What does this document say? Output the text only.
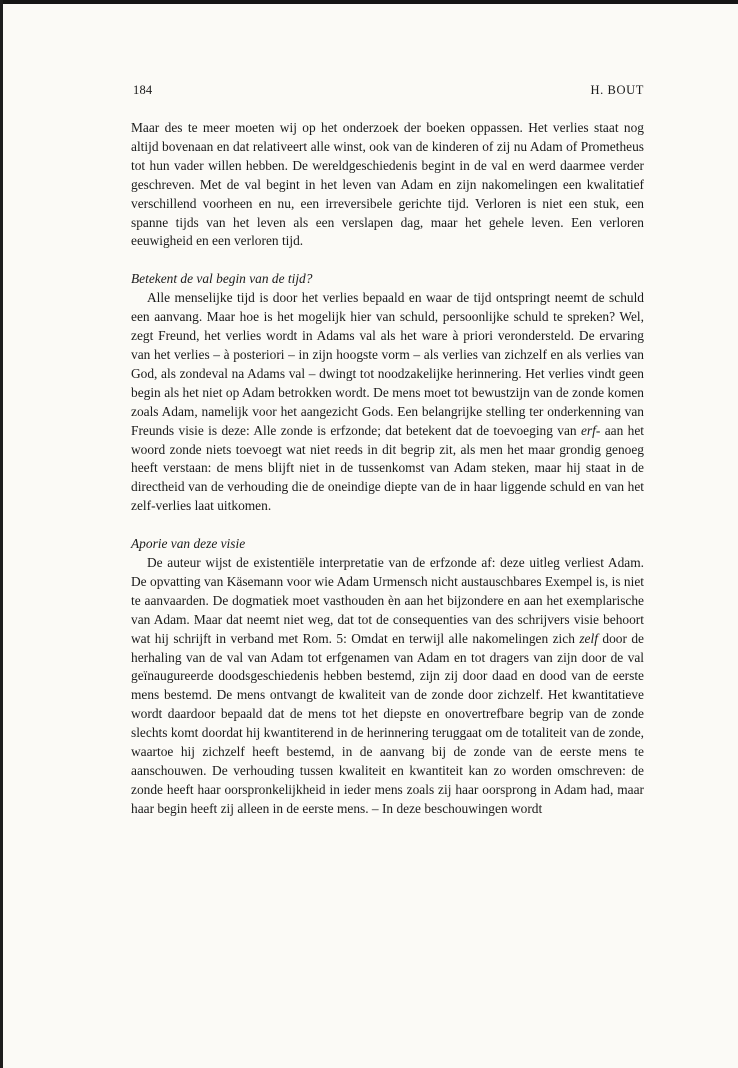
184	H. BOUT

Maar des te meer moeten wij op het onderzoek der boeken oppassen. Het verlies staat nog altijd bovenaan en dat relativeert alle winst, ook van de kinderen of zij nu Adam of Prometheus tot hun vader willen hebben. De wereldgeschiedenis begint in de val en werd daarmee verder geschreven. Met de val begint in het leven van Adam en zijn nakomelingen een kwalitatief verschillend voorheen en nu, een irreversibele gerichte tijd. Verloren is niet een stuk, een spanne tijds van het leven als een verslapen dag, maar het gehele leven. Een verloren eeuwigheid en een verloren tijd.

Betekent de val begin van de tijd?

Alle menselijke tijd is door het verlies bepaald en waar de tijd ontspringt neemt de schuld een aanvang. Maar hoe is het mogelijk hier van schuld, persoonlijke schuld te spreken? Wel, zegt Freund, het verlies wordt in Adams val als het ware à priori verondersteld. De ervaring van het verlies – à posteriori – in zijn hoogste vorm – als verlies van zichzelf en als verlies van God, als zondeval na Adams val – dwingt tot noodzakelijke herinnering. Het verlies vindt geen begin als het niet op Adam betrokken wordt. De mens moet tot bewustzijn van de zonde komen zoals Adam, namelijk voor het aangezicht Gods. Een belangrijke stelling ter onderkenning van Freunds visie is deze: Alle zonde is erfzonde; dat betekent dat de toevoeging van erf- aan het woord zonde niets toevoegt wat niet reeds in dit begrip zit, als men het maar grondig genoeg heeft verstaan: de mens blijft niet in de tussenkomst van Adam steken, maar hij staat in de directheid van de verhouding die de oneindige diepte van de in haar liggende schuld en van het zelf-verlies laat uitkomen.

Aporie van deze visie

De auteur wijst de existentiële interpretatie van de erfzonde af: deze uitleg verliest Adam. De opvatting van Käsemann voor wie Adam Urmensch nicht austauschbares Exempel is, is niet te aanvaarden. De dogmatiek moet vasthouden èn aan het bijzondere en aan het exemplarische van Adam. Maar dat neemt niet weg, dat tot de consequenties van des schrijvers visie behoort wat hij schrijft in verband met Rom. 5: Omdat en terwijl alle nakomelingen zich zelf door de herhaling van de val van Adam tot erfgenamen van Adam en tot dragers van zijn door de val geïnaugureerde doodsgeschiedenis hebben bestemd, zijn zij door daad en dood van de eerste mens bestemd. De mens ontvangt de kwaliteit van de zonde door zichzelf. Het kwantitatieve wordt daardoor bepaald dat de mens tot het diepste en onovertrefbare begrip van de zonde slechts komt doordat hij kwantiterend in de herinnering teruggaat om de totaliteit van de zonde, waartoe hij zichzelf heeft bestemd, in de aanvang bij de zonde van de eerste mens te aanschouwen. De verhouding tussen kwaliteit en kwantiteit kan zo worden omschreven: de zonde heeft haar oorspronkelijkheid in ieder mens zoals zij haar oorsprong in Adam had, maar haar begin heeft zij alleen in de eerste mens. – In deze beschouwingen wordt
